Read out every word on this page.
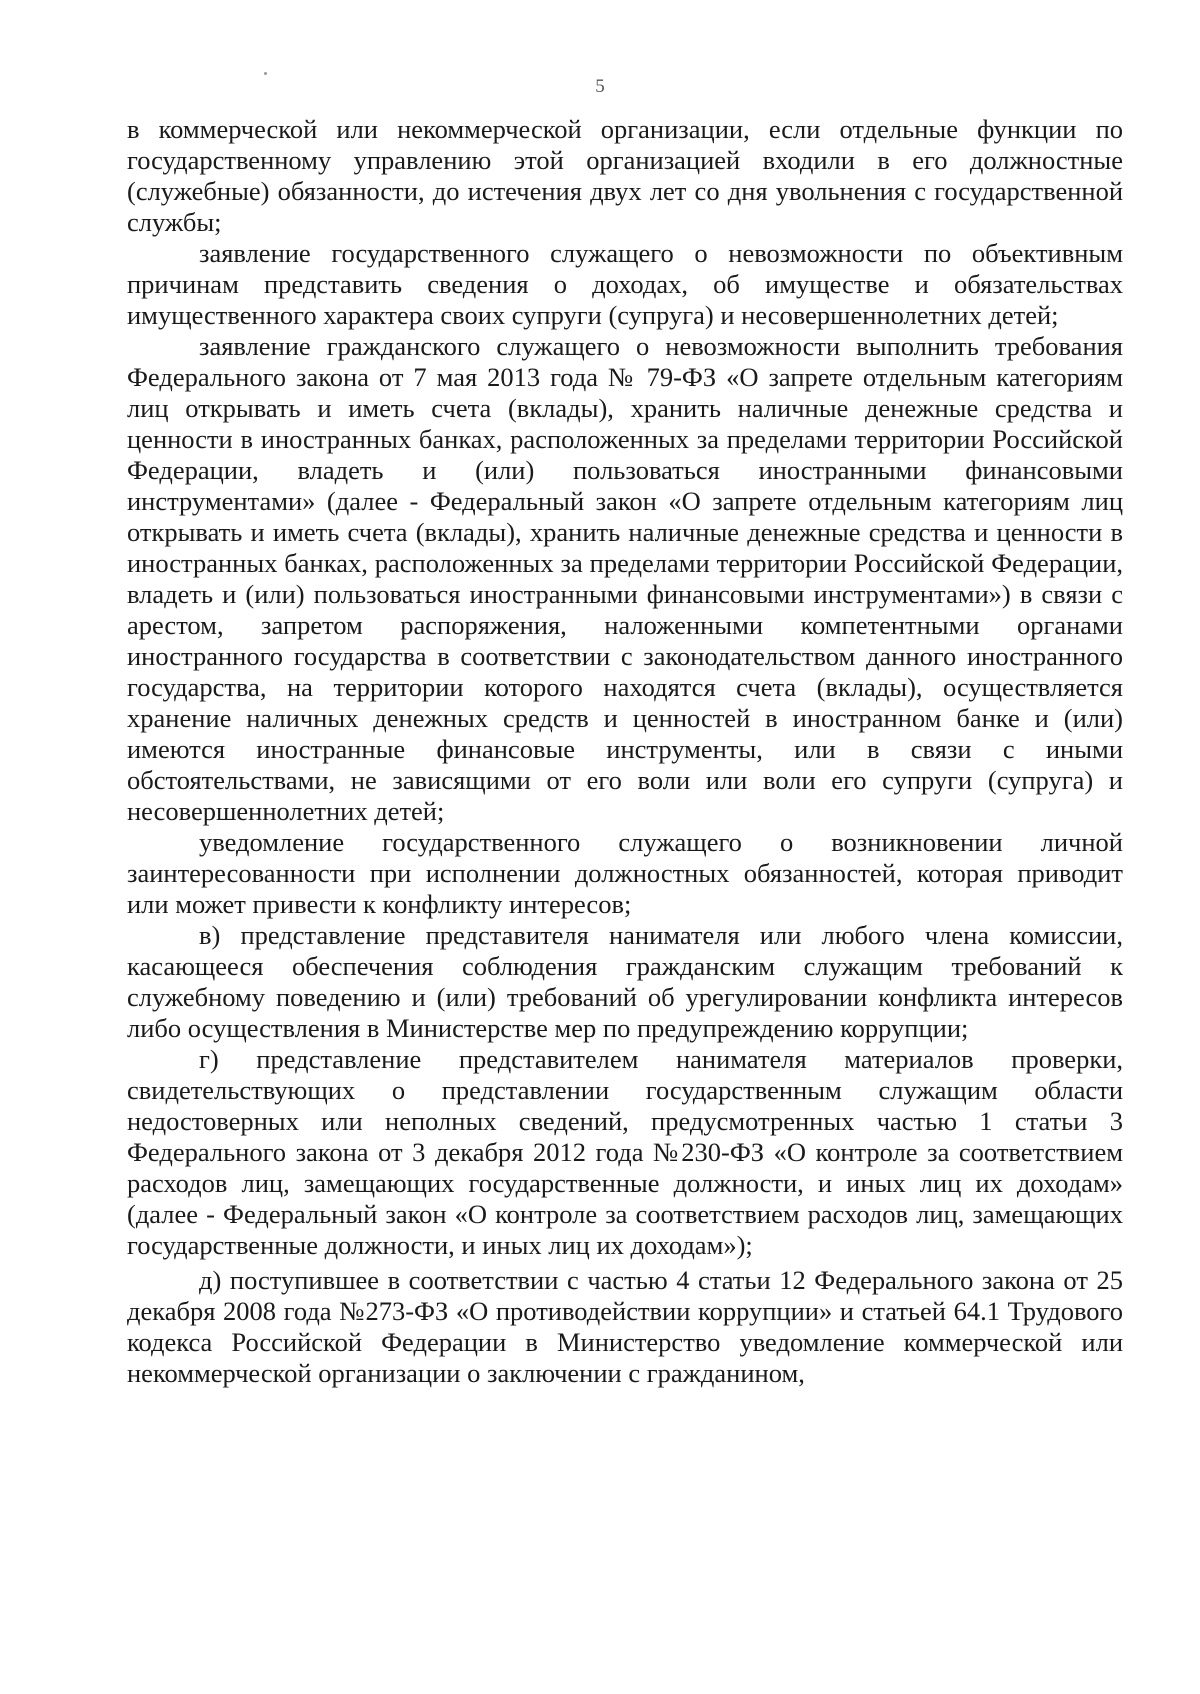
5

в коммерческой или некоммерческой организации, если отдельные функции по государственному управлению этой организацией входили в его должностные (служебные) обязанности, до истечения двух лет со дня увольнения с государственной службы;

заявление государственного служащего о невозможности по объективным причинам представить сведения о доходах, об имуществе и обязательствах имущественного характера своих супруги (супруга) и несовершеннолетних детей;

заявление гражданского служащего о невозможности выполнить требования Федерального закона от 7 мая 2013 года № 79-ФЗ «О запрете отдельным категориям лиц открывать и иметь счета (вклады), хранить наличные денежные средства и ценности в иностранных банках, расположенных за пределами территории Российской Федерации, владеть и (или) пользоваться иностранными финансовыми инструментами» (далее - Федеральный закон «О запрете отдельным категориям лиц открывать и иметь счета (вклады), хранить наличные денежные средства и ценности в иностранных банках, расположенных за пределами территории Российской Федерации, владеть и (или) пользоваться иностранными финансовыми инструментами») в связи с арестом, запретом распоряжения, наложенными компетентными органами иностранного государства в соответствии с законодательством данного иностранного государства, на территории которого находятся счета (вклады), осуществляется хранение наличных денежных средств и ценностей в иностранном банке и (или) имеются иностранные финансовые инструменты, или в связи с иными обстоятельствами, не зависящими от его воли или воли его супруги (супруга) и несовершеннолетних детей;

уведомление государственного служащего о возникновении личной заинтересованности при исполнении должностных обязанностей, которая приводит или может привести к конфликту интересов;

в) представление представителя нанимателя или любого члена комиссии, касающееся обеспечения соблюдения гражданским служащим требований к служебному поведению и (или) требований об урегулировании конфликта интересов либо осуществления в Министерстве мер по предупреждению коррупции;

г) представление представителем нанимателя материалов проверки, свидетельствующих о представлении государственным служащим области недостоверных или неполных сведений, предусмотренных частью 1 статьи 3 Федерального закона от 3 декабря 2012 года №230-ФЗ «О контроле за соответствием расходов лиц, замещающих государственные должности, и иных лиц их доходам» (далее - Федеральный закон «О контроле за соответствием расходов лиц, замещающих государственные должности, и иных лиц их доходам»);

д) поступившее в соответствии с частью 4 статьи 12 Федерального закона от 25 декабря 2008 года №273-ФЗ «О противодействии коррупции» и статьей 64.1 Трудового кодекса Российской Федерации в Министерство уведомление коммерческой или некоммерческой организации о заключении с гражданином,
